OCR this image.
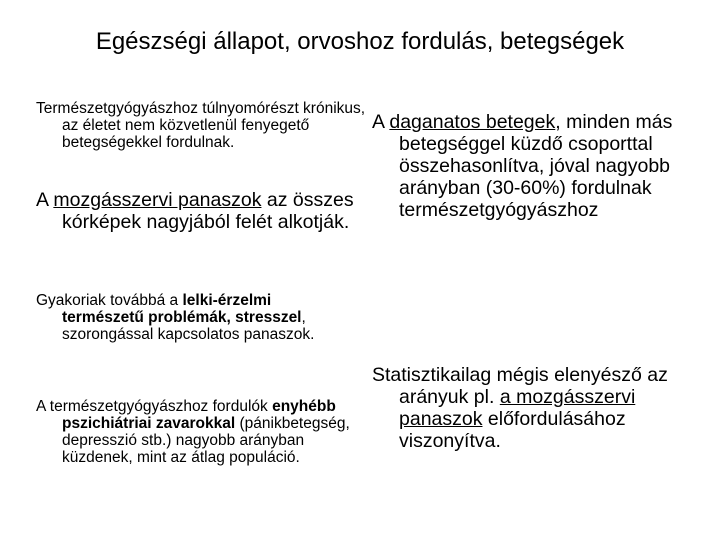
Egészségi állapot, orvoshoz fordulás, betegségek

Természetgyógyászhoz túlnyomórészt krónikus, az életet nem közvetlenül fenyegető betegségekkel fordulnak.

A mozgásszervi panaszok az összes kórképek nagyjából felét alkotják.

Gyakoriak továbbá a lelki-érzelmi természetű problémák, stresszel, szorongással kapcsolatos panaszok.

A természetgyógyászhoz fordulók enyhébb pszichiátriai zavarokkal (pánikbetegség, depresszió stb.) nagyobb arányban küzdenek, mint az átlag populáció.

A daganatos betegek, minden más betegséggel küzdő csoporttal összehasonlítva, jóval nagyobb arányban (30-60%) fordulnak természetgyógyászhoz

Statisztikailag mégis elenyésző az arányuk pl. a mozgásszervi panaszok előfordulásához viszonyítva.
